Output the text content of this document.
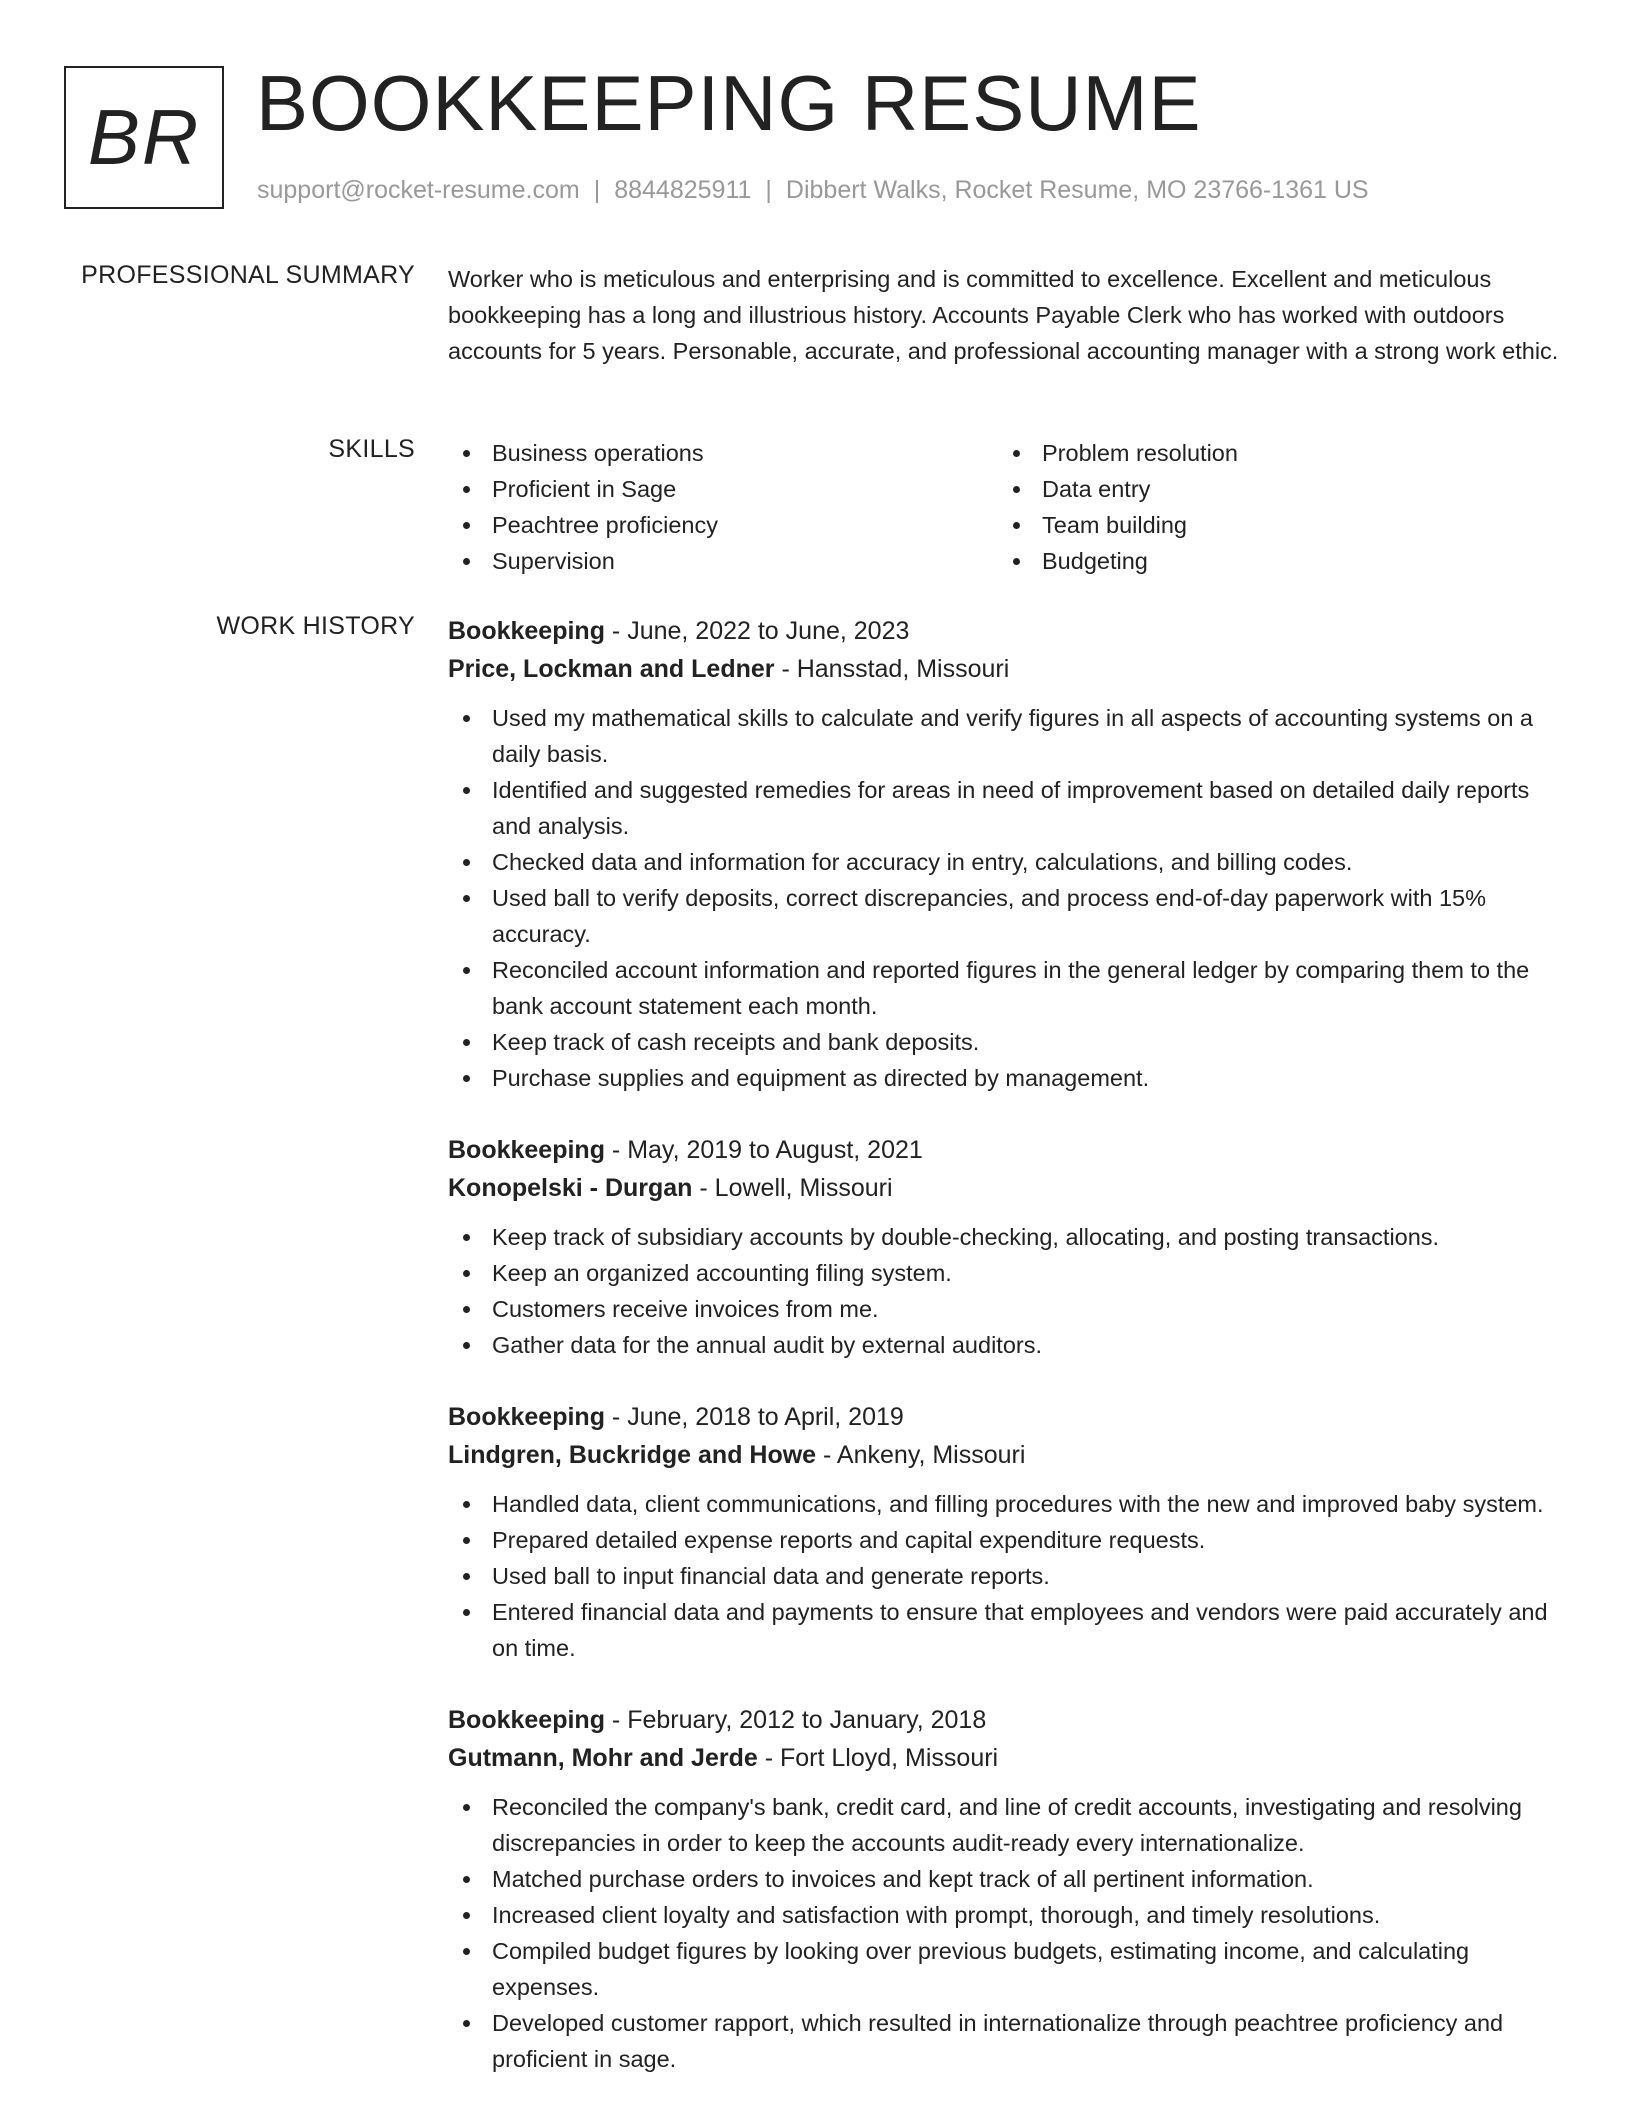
BR BOOKKEEPING RESUME
support@rocket-resume.com | 8844825911 | Dibbert Walks, Rocket Resume, MO 23766-1361 US
PROFESSIONAL SUMMARY Worker who is meticulous and enterprising and is committed to excellence. Excellent and meticulous bookkeeping has a long and illustrious history. Accounts Payable Clerk who has worked with outdoors accounts for 5 years. Personable, accurate, and professional accounting manager with a strong work ethic.
SKILLS	Business operations
Proficient in Sage
Peachtree proficiency
Supervision
Problem resolution
Data entry
Team building
Budgeting
WORK HISTORY Bookkeeping - June, 2022 to June, 2023
Price, Lockman and Ledner - Hansstad, Missouri
Used my mathematical skills to calculate and verify figures in all aspects of accounting systems on a daily basis.
Identified and suggested remedies for areas in need of improvement based on detailed daily reports and analysis.
Checked data and information for accuracy in entry, calculations, and billing codes.
Used ball to verify deposits, correct discrepancies, and process end-of-day paperwork with 15% accuracy.
Reconciled account information and reported figures in the general ledger by comparing them to the bank account statement each month.
Keep track of cash receipts and bank deposits.
Purchase supplies and equipment as directed by management.
Bookkeeping - May, 2019 to August, 2021
Konopelski - Durgan - Lowell, Missouri
Keep track of subsidiary accounts by double-checking, allocating, and posting transactions.
Keep an organized accounting filing system.
Customers receive invoices from me.
Gather data for the annual audit by external auditors.
Bookkeeping - June, 2018 to April, 2019
Lindgren, Buckridge and Howe - Ankeny, Missouri
Handled data, client communications, and filling procedures with the new and improved baby system.
Prepared detailed expense reports and capital expenditure requests.
Used ball to input financial data and generate reports.
Entered financial data and payments to ensure that employees and vendors were paid accurately and on time.
Bookkeeping - February, 2012 to January, 2018
Gutmann, Mohr and Jerde - Fort Lloyd, Missouri
Reconciled the company's bank, credit card, and line of credit accounts, investigating and resolving discrepancies in order to keep the accounts audit-ready every internationalize.
Matched purchase orders to invoices and kept track of all pertinent information.
Increased client loyalty and satisfaction with prompt, thorough, and timely resolutions.
Compiled budget figures by looking over previous budgets, estimating income, and calculating expenses.
Developed customer rapport, which resulted in internationalize through peachtree proficiency and proficient in sage.
